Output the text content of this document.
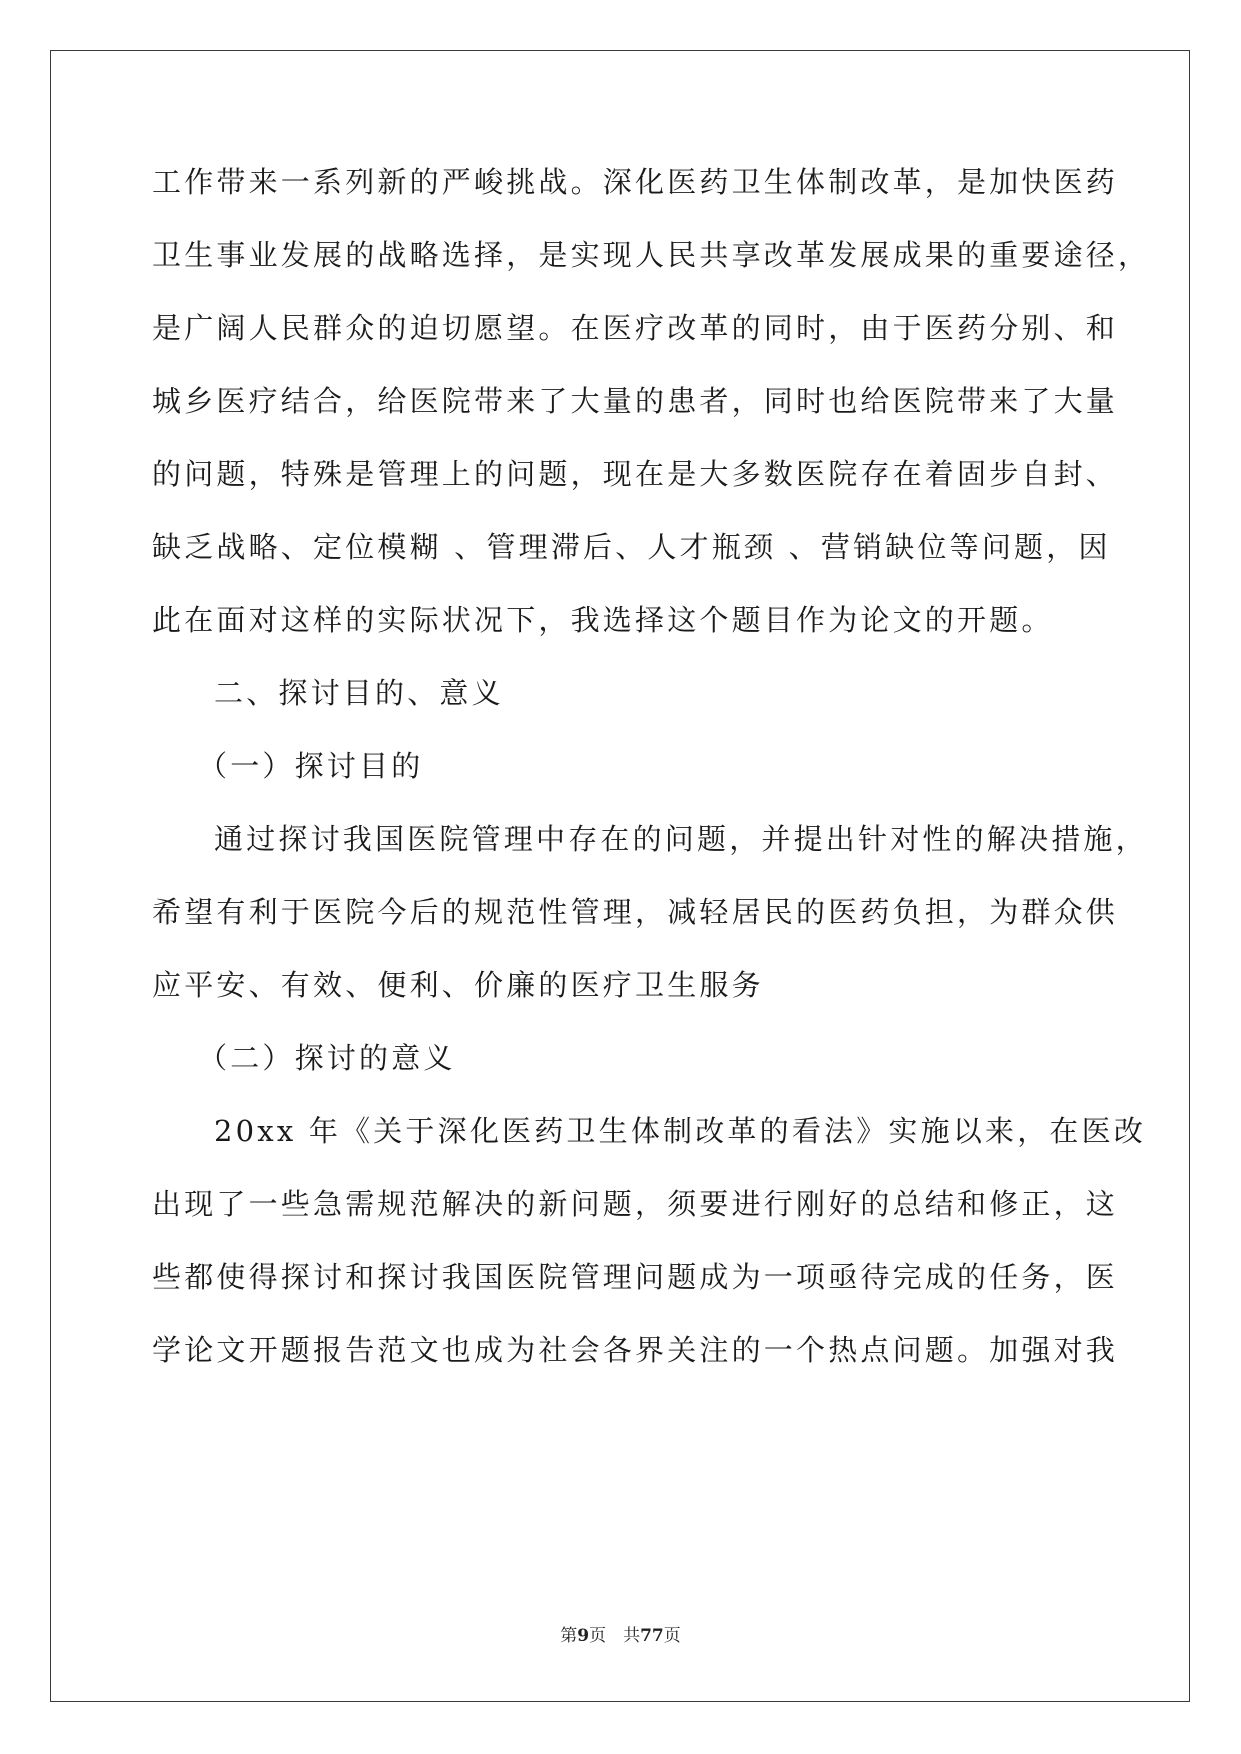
工作带来一系列新的严峻挑战。深化医药卫生体制改革，是加快医药
卫生事业发展的战略选择，是实现人民共享改革发展成果的重要途径，
是广阔人民群众的迫切愿望。在医疗改革的同时，由于医药分别、和
城乡医疗结合，给医院带来了大量的患者，同时也给医院带来了大量
的问题，特殊是管理上的问题，现在是大多数医院存在着固步自封、
缺乏战略、定位模糊 、管理滞后、人才瓶颈 、营销缺位等问题，因
此在面对这样的实际状况下，我选择这个题目作为论文的开题。
二、探讨目的、意义
（一）探讨目的
通过探讨我国医院管理中存在的问题，并提出针对性的解决措施，
希望有利于医院今后的规范性管理，减轻居民的医药负担，为群众供
应平安、有效、便利、价廉的医疗卫生服务
（二）探讨的意义
20xx 年《关于深化医药卫生体制改革的看法》实施以来，在医改
出现了一些急需规范解决的新问题，须要进行刚好的总结和修正，这
些都使得探讨和探讨我国医院管理问题成为一项亟待完成的任务，医
学论文开题报告范文也成为社会各界关注的一个热点问题。加强对我
第9页　共77页
